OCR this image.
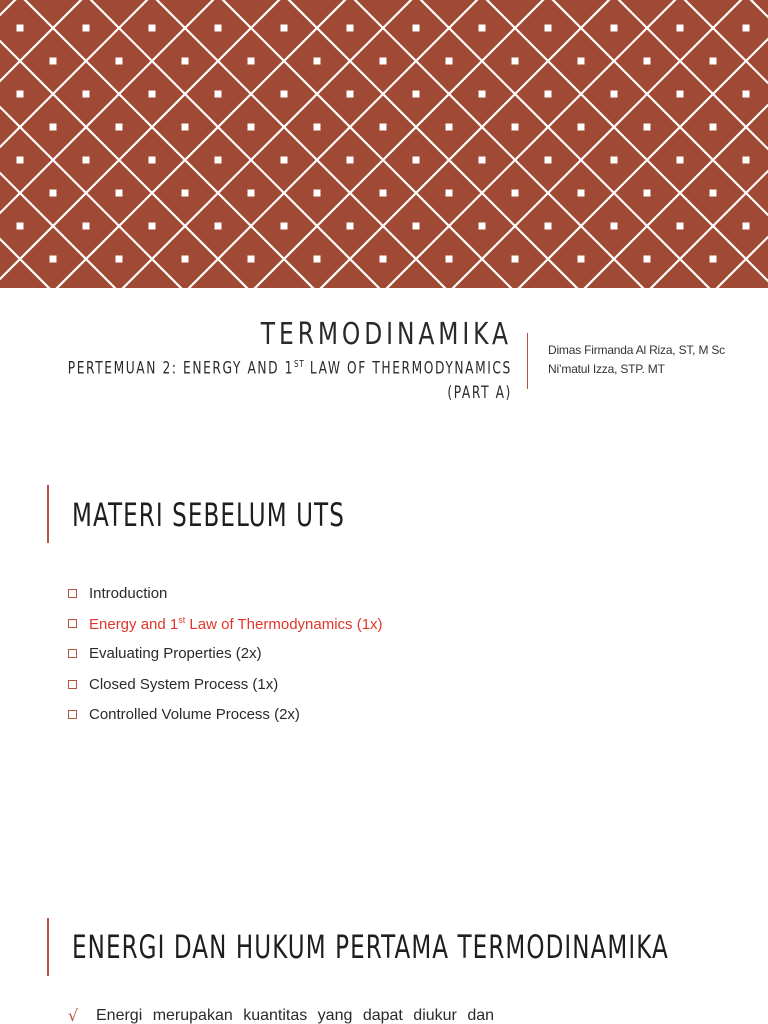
TERMODINAMIKA
PERTEMUAN 2: ENERGY AND 1ST LAW OF THERMODYNAMICS
(PART A)
Dimas Firmanda Al Riza, ST, M Sc
Ni’matul Izza, STP. MT
MATERI SEBELUM UTS
Introduction
Energy and 1st Law of Thermodynamics (1x)
Evaluating Properties (2x)
Closed System Process (1x)
Controlled Volume Process (2x)
ENERGI DAN HUKUM PERTAMA TERMODINAMIKA
√ Energi merupakan kuantitas yang dapat diukur dan
